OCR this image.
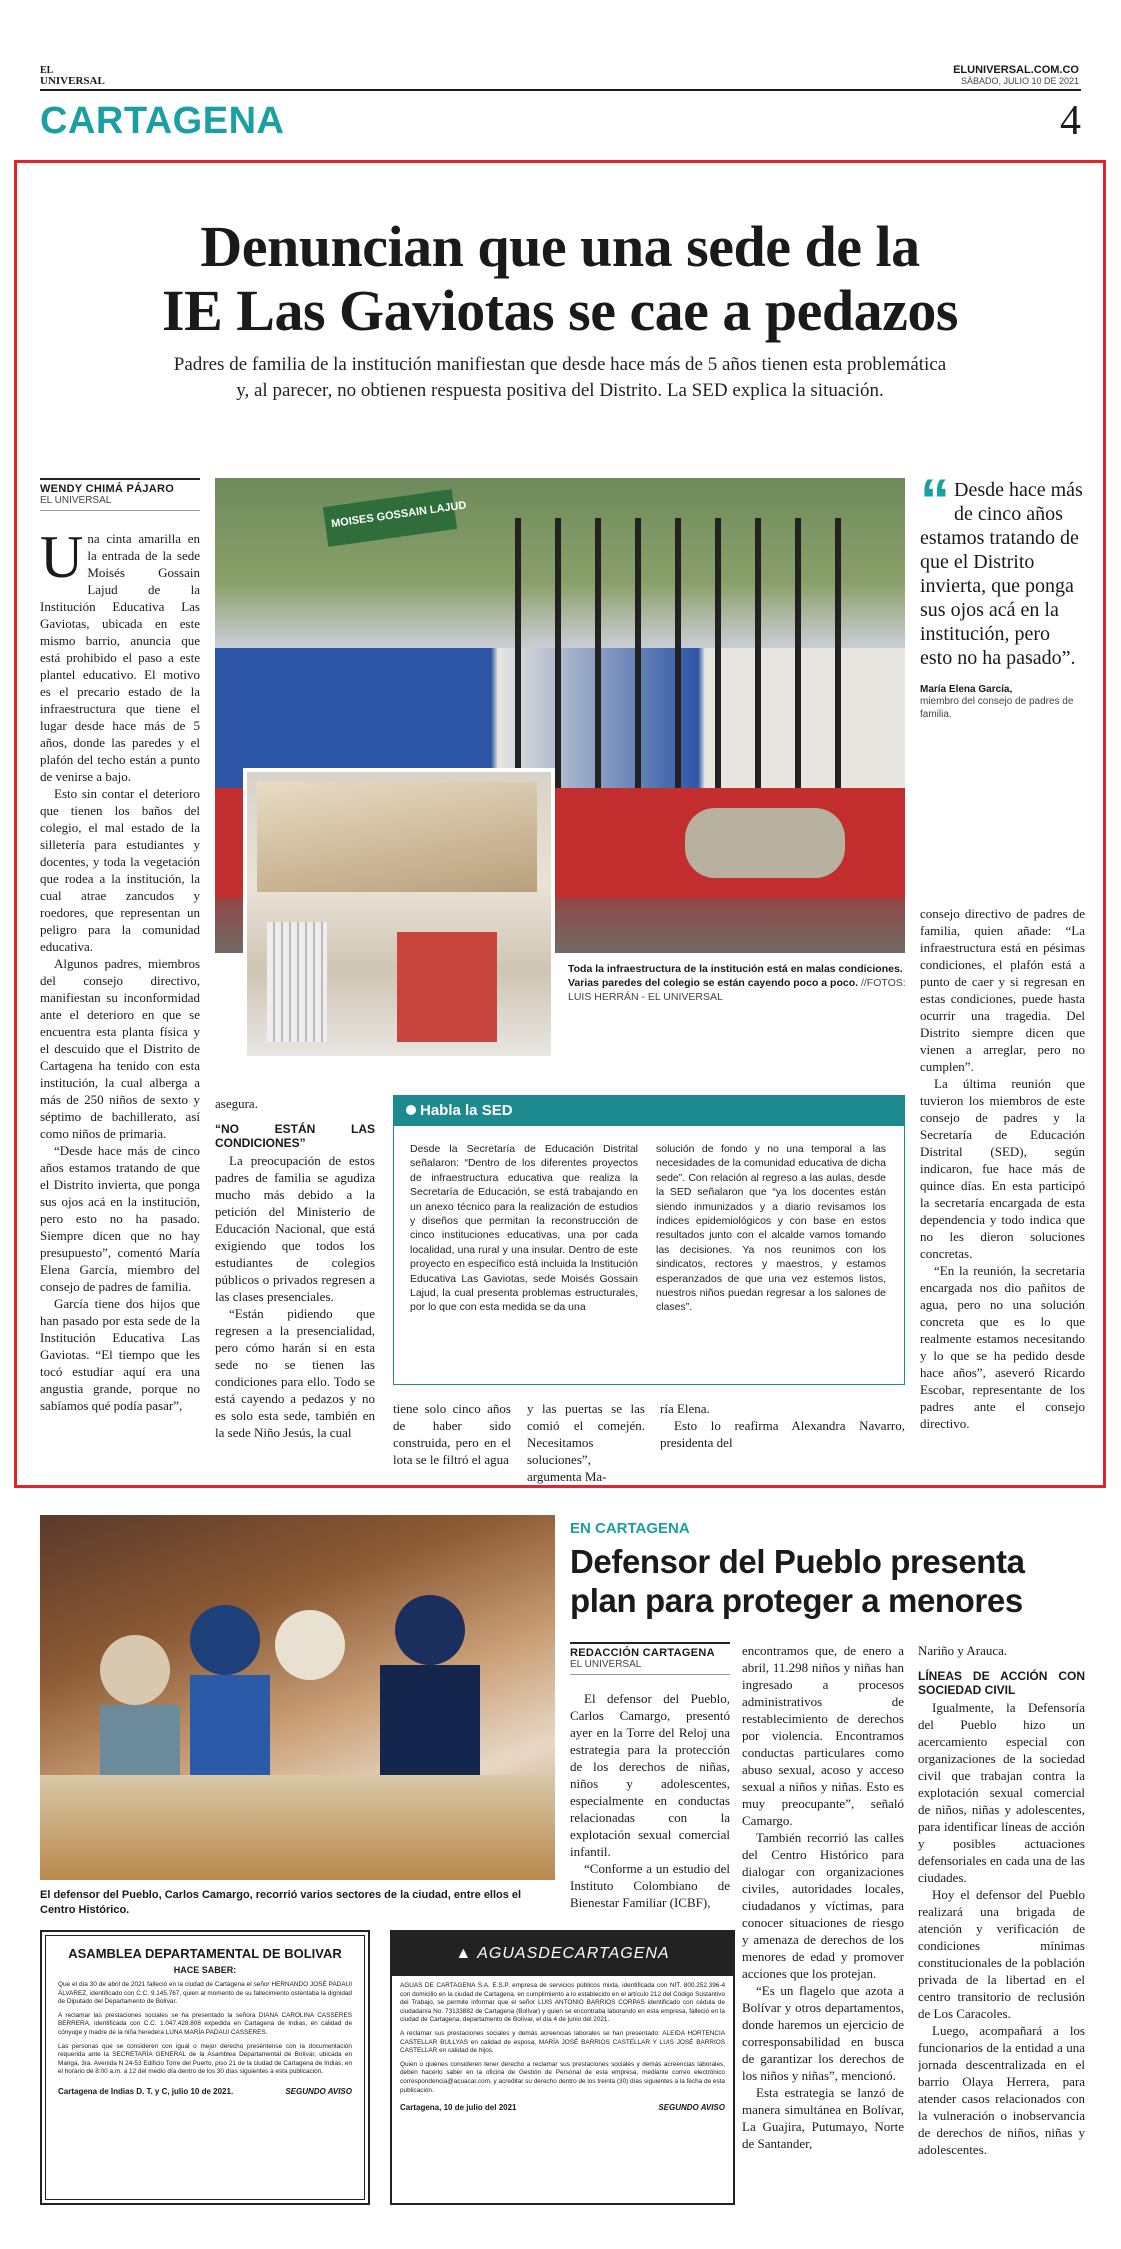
EL
UNIVERSAL
ELUNIVERSAL.COM.CO
SÁBADO, JULIO 10 DE 2021
CARTAGENA	4
Denuncian que una sede de la
IE Las Gaviotas se cae a pedazos
Padres de familia de la institución manifiestan que desde hace más de 5 años tienen esta problemática
y, al parecer, no obtienen respuesta positiva del Distrito. La SED explica la situación.
WENDY CHIMÁ PÁJARO
EL UNIVERSAL
U na cinta amarilla en la entrada de la sede Moisés Gossain Lajud de la Institución Educativa Las Gaviotas, ubicada en este mismo barrio, anuncia que está prohibido el paso a este plantel educativo. El motivo es el precario estado de la infraestructura que tiene el lugar desde hace más de 5 años, donde las paredes y el plafón del techo están a punto de venirse a bajo.

Esto sin contar el deterioro que tienen los baños del colegio, el mal estado de la silletería para estudiantes y docentes, y toda la vegetación que rodea a la institución, la cual atrae zancudos y roedores, que representan un peligro para la comunidad educativa.

Algunos padres, miembros del consejo directivo, manifiestan su inconformidad ante el deterioro en que se encuentra esta planta física y el descuido que el Distrito de Cartagena ha tenido con esta institución, la cual alberga a más de 250 niños de sexto y séptimo de bachillerato, así como niños de primaria.

“Desde hace más de cinco años estamos tratando de que el Distrito invierta, que ponga sus ojos acá en la institución, pero esto no ha pasado. Siempre dicen que no hay presupuesto”, comentó María Elena García, miembro del consejo de padres de familia.

García tiene dos hijos que han pasado por esta sede de la Institución Educativa Las Gaviotas. “El tiempo que les tocó estudiar aquí era una angustia grande, porque no sabíamos qué podía pasar”,

MOISES GOSSAIN LAJUD
Toda la infraestructura de la institución está en malas condiciones. Varias paredes del colegio se están cayendo poco a poco. //FOTOS: LUIS HERRÁN - EL UNIVERSAL

asegura.

“NO ESTÁN LAS CONDICIONES”

La preocupación de estos padres de familia se agudiza mucho más debido a la petición del Ministerio de Educación Nacional, que está exigiendo que todos los estudiantes de colegios públicos o privados regresen a las clases presenciales.

“Están pidiendo que regresen a la presencialidad, pero cómo harán si en esta sede no se tienen las condiciones para ello. Todo se está cayendo a pedazos y no es solo esta sede, también en la sede Niño Jesús, la cual

Habla la SED
Desde la Secretaría de Educación Distrital señalaron: “Dentro de los diferentes proyectos de infraestructura educativa que realiza la Secretaría de Educación, se está trabajando en un anexo técnico para la realización de estudios y diseños que permitan la reconstrucción de cinco instituciones educativas, una por cada localidad, una rural y una insular. Dentro de este proyecto en específico está incluida la Institución Educativa Las Gaviotas, sede Moisés Gossain Lajud, la cual presenta problemas estructurales, por lo que con esta medida se da una
solución de fondo y no una temporal a las necesidades de la comunidad educativa de dicha sede”. Con relación al regreso a las aulas, desde la SED señalaron que “ya los docentes están siendo inmunizados y a diario revisamos los índices epidemiológicos y con base en estos resultados junto con el alcalde vamos tomando las decisiones. Ya nos reunimos con los sindicatos, rectores y maestros, y estamos esperanzados de que una vez estemos listos, nuestros niños puedan regresar a los salones de clases”.
tiene solo cinco años de haber sido construida, pero en el lota se le filtró el agua
y las puertas se las comió el comején. Necesitamos soluciones”, argumenta Ma-

ría Elena.

Esto lo reafirma Alexandra Navarro, presidenta del

“ Desde hace más de cinco años estamos tratando de que el Distrito invierta, que ponga sus ojos acá en la institución, pero esto no ha pasado”.
María Elena García,
miembro del consejo de padres de familia.

consejo directivo de padres de familia, quien añade: “La infraestructura está en pésimas condiciones, el plafón está a punto de caer y si regresan en estas condiciones, puede hasta ocurrir una tragedia. Del Distrito siempre dicen que vienen a arreglar, pero no cumplen”.

La última reunión que tuvieron los miembros de este consejo de padres y la Secretaría de Educación Distrital (SED), según indicaron, fue hace más de quince días. En esta participó la secretaría encargada de esta dependencia y todo indica que no les dieron soluciones concretas.

“En la reunión, la secretaria encargada nos dio pañitos de agua, pero no una solución concreta que es lo que realmente estamos necesitando y lo que se ha pedido desde hace años”, aseveró Ricardo Escobar, representante de los padres ante el consejo directivo.

El defensor del Pueblo, Carlos Camargo, recorrió varios sectores de la ciudad, entre ellos el Centro Histórico.
EN CARTAGENA
Defensor del Pueblo presenta
plan para proteger a menores
REDACCIÓN CARTAGENA
EL UNIVERSAL

El defensor del Pueblo, Carlos Camargo, presentó ayer en la Torre del Reloj una estrategia para la protección de los derechos de niñas, niños y adolescentes, especialmente en conductas relacionadas con la explotación sexual comercial infantil.

“Conforme a un estudio del Instituto Colombiano de Bienestar Familiar (ICBF),

encontramos que, de enero a abril, 11.298 niños y niñas han ingresado a procesos administrativos de restablecimiento de derechos por violencia. Encontramos conductas particulares como abuso sexual, acoso y acceso sexual a niños y niñas. Esto es muy preocupante”, señaló Camargo.

También recorrió las calles del Centro Histórico para dialogar con organizaciones civiles, autoridades locales, ciudadanos y víctimas, para conocer situaciones de riesgo y amenaza de derechos de los menores de edad y promover acciones que los protejan.

“Es un flagelo que azota a Bolívar y otros departamentos, donde haremos un ejercicio de corresponsabilidad en busca de garantizar los derechos de los niños y niñas”, mencionó.

Esta estrategia se lanzó de manera simultánea en Bolívar, La Guajira, Putumayo, Norte de Santander,

Nariño y Arauca.

LÍNEAS DE ACCIÓN CON SOCIEDAD CIVIL

Igualmente, la Defensoría del Pueblo hizo un acercamiento especial con organizaciones de la sociedad civil que trabajan contra la explotación sexual comercial de niños, niñas y adolescentes, para identificar líneas de acción y posibles actuaciones defensoriales en cada una de las ciudades.

Hoy el defensor del Pueblo realizará una brigada de atención y verificación de condiciones mínimas constitucionales de la población privada de la libertad en el centro transitorio de reclusión de Los Caracoles.

Luego, acompañará a los funcionarios de la entidad a una jornada descentralizada en el barrio Olaya Herrera, para atender casos relacionados con la vulneración o inobservancia de derechos de niños, niñas y adolescentes.

ASAMBLEA DEPARTAMENTAL DE BOLIVAR
HACE SABER:
Que el día 30 de abril de 2021 falleció en la ciudad de Cartagena el señor HERNANDO JOSÉ PADAUI ÁLVAREZ, identificado con C.C. 9.145.767, quien al momento de su fallecimiento ostentaba la dignidad de Diputado del Departamento de Bolívar.
A reclamar las prestaciones sociales se ha presentado la señora DIANA CAROLINA CASSERES BERRERA, identificada con C.C. 1.047.428.808 expedida en Cartagena de Indias, en calidad de cónyuge y madre de la niña heredera LUNA MARÍA PADAUI CASSERES.
Las personas que se consideren con igual o mejor derecho preséntense con la documentación requerida ante la SECRETARÍA GENERAL de la Asamblea Departamental de Bolívar, ubicada en Manga, 3ra. Avenida N 24-53 Edificio Torre del Puerto, piso 21 de la ciudad de Cartagena de Indias, en el horario de 8:00 a.m. a 12 del medio día dentro de los 30 días siguientes a esta publicación.
Cartagena de Indias D. T. y C, julio 10 de 2021.	SEGUNDO AVISO
▲ AGUASDECARTAGENA
AGUAS DE CARTAGENA S.A. E.S.P. empresa de servicios públicos mixta, identificada con NIT. 800.252.396-4 con domicilio en la ciudad de Cartagena, en cumplimiento a lo establecido en el artículo 212 del Código Sustantivo del Trabajo, se permite informar que el señor LUIS ANTONIO BARRIOS CORPAS identificado con cédula de ciudadanía No. 73133882 de Cartagena (Bolívar) y quien se encontraba laborando en esta empresa, falleció en la ciudad de Cartagena, departamento de Bolívar, el día 4 de junio del 2021.
A reclamar sus prestaciones sociales y demás acreencias laborales se han presentado: ALEIDA HORTENCIA CASTELLAR BULLYAS en calidad de esposa, MARÍA JOSÉ BARRIOS CASTELLAR Y LUIS JOSÉ BARRIOS CASTELLAR en calidad de hijos.
Quien o quienes consideren tener derecho a reclamar sus prestaciones sociales y demás acreencias laborales, deben hacerlo saber en la oficina de Gestión de Personal de esta empresa, mediante correo electrónico correspondencia@acuacar.com, y acreditar su derecho dentro de los treinta (30) días siguientes a la fecha de esta publicación.
Cartagena, 10 de julio del 2021	SEGUNDO AVISO
